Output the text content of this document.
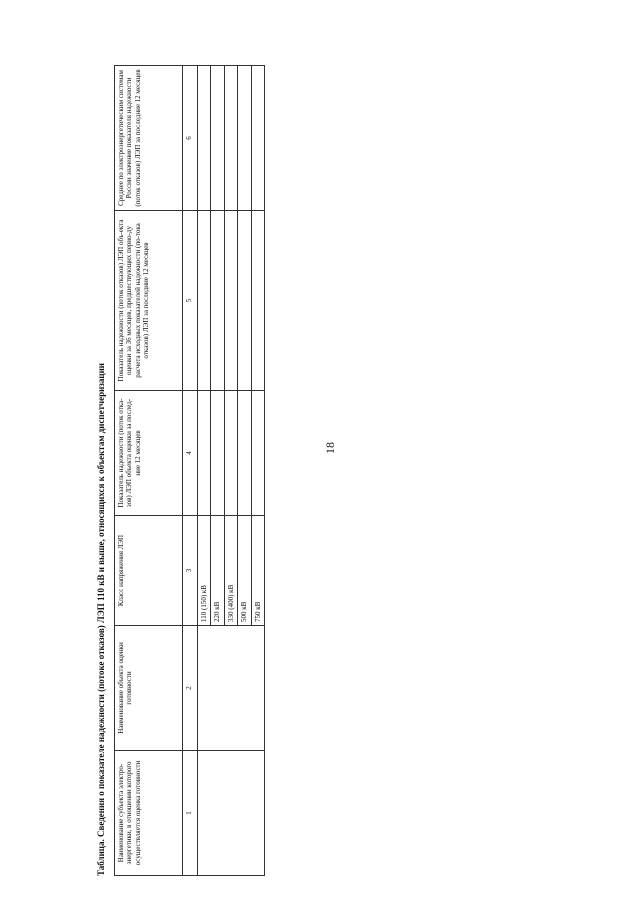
18
Таблица. Сведения о показателе надежности (потоке отказов) ЛЭП 110 кВ и выше, относящихся к объектам диспетчеризации	Наименование субъекта электро-энергетики, в отношении которого осуществляется оценка готовности	Наименование объекта оценки готовности	Класс напряжения ЛЭП	Показатель надежности (поток отка-зов) ЛЭП объекта оценки за послед-ние 12 месяцев	Показатель надежности (поток отказов) ЛЭП объ-екта оценки за 36 месяцев, предшествующих перио-ду расчета исходных показателей надежности (по-тока отказов) ЛЭП за последние 12 месяцев	Среднее по электроэнергетическим системам России значение показателя надежности (поток отказов) ЛЭП за последние 12 месяцев
1	2	3	4	5	6
		110 (150) кВ			
		220 кВ			
		330 (400) кВ			
		500 кВ			
		750 кВ			
